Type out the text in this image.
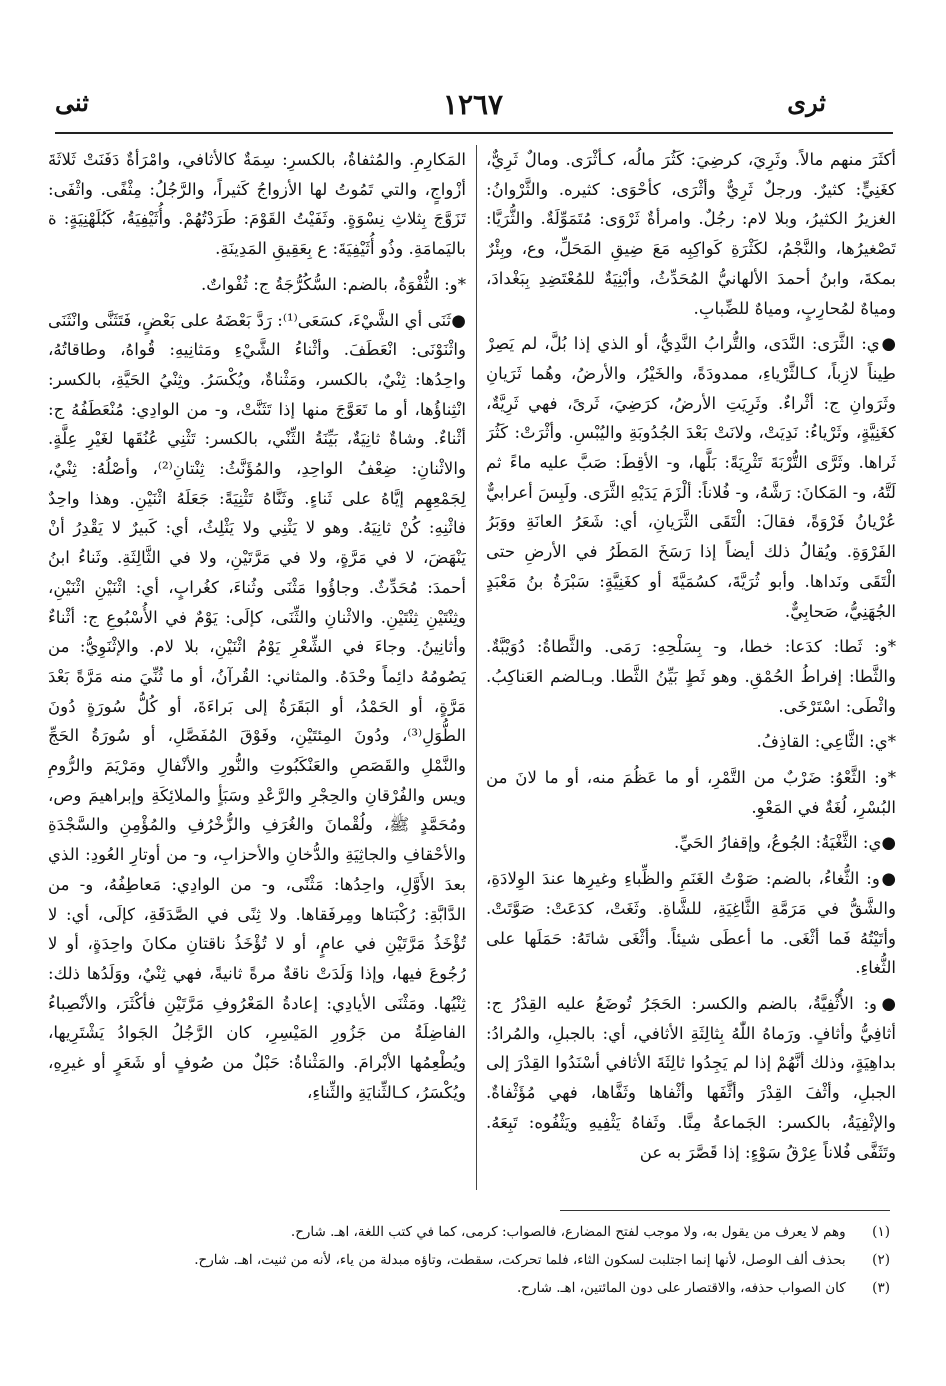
ثرى
١٢٦٧
ثنى

أكثَرَ منهم مالاً. وثَرِيَ، كرضِيَ: كَثُرَ مالُه، كـأثْرَى. ومالٌ ثَرِيٌّ، كغَنِيٍّ: كثيرٌ. ورجلٌ ثَرِيٌّ وأثْرَى، كأحْوَى: كثيره. والثَّرْوانُ: الغزيرُ الكثيرُ، وبلا لام: رجُلٌ. وامرأةٌ ثَرْوَى: مُتَمَوِّلَةٌ. والثُّرَيَّا: تَصْغيرُها، والنَّجْمُ، لكَثْرَةِ كَواكِبِه مَعَ ضِيقِ المَحَلِّ، وع، وبِئْرٌ بمكةَ، وابنُ أحمدَ الألهانيُّ المُحَدِّثُ، وأبْنِيَةٌ للمُعْتَضِدِ بِبَغْدادَ، ومياهٌ لمُحارِبٍ، ومياهٌ للضِّبابِ.

●ي: الثَّرَى: النَّدَى، والتُّرابُ النَّدِيُّ، أو الذي إذا بُلَّ، لم يَصِرْ طِيناً لازِباً، كـالثَّرْياءِ، ممدودَةً، والخَيْرُ، والأرضُ، وهُما ثَرَيانِ وثَرَوانِ ج: أثْراءٌ. وثَرِيَتِ الأرضُ، كرَضِيَ، ثَرىً، فهي ثَرِيَّةٌ، كغَنِيَّةٍ، وثَرْياءُ: نَدِيَتْ، ولانَتْ بَعْدَ الجُدُوبَةِ واليُبْسِ. وأثْرَتْ: كَثُرَ ثَراها. وثَرَّى التُّرْبَةَ تَثْرِيَةً: بَلَّها، و- الأقِطَ: صَبَّ عليه ماءً ثم لَتَّهُ، و- المَكانَ: رَشَّهُ، و- فُلاناً: ألْزَمَ يَدَيْهِ الثَّرَى. ولَبِسَ أعرابيٌّ عُرْيانُ فَرْوَةً، فقالَ: الْتَقَى الثَّرَيانِ، أي: شَعَرُ العانَةِ ووَبَرُ الفَرْوَةِ. ويُقالُ ذلك أيضاً إذا رَسَخَ المَطَرُ في الأرضِ حتى الْتَقَى ونَداها. وأبو ثُرَيَّةَ، كسُمَيَّةَ أو كغَنِيَّةٍ: سَبْرَةُ بنُ مَعْبَدٍ الجُهَنِيُّ، صَحابِيٌّ.

*و: ثَطا: كدَعا: خطا، و- بِسَلْحِهِ: رَمَى. والثَّطاةُ: دُوَيْبَّةٌ. والثَّطا: إفراطُ الحُمْقِ. وهو ثَطٍ بَيِّنُ الثَّطا. وبـالضم العَناكِبُ. واثْطَى: اسْتَرْخَى.

*ي: الثَّاعِي: القاذِفُ.

*و: الثَّعْوُ: ضَرْبٌ من التَّمْرِ، أو ما عَظُمَ منه، أو ما لانَ من البُسْرِ، لُغَةٌ في المَعْوِ.

●ي: الثَّغْيَةُ: الجُوعُ، وإقفارُ الحَيِّ.

●و: الثُّغاءُ، بالضم: صَوْتُ الغَنَمِ والظِّباءِ وغيرِها عندَ الوِلادَةِ، والشَّقُّ في مَرَمَّةِ الثَّاغِيَةِ، للشَّاةِ. وثَغَتْ، كدَعَتْ: صَوَّتَتْ. وأتَيْتُهُ فَما أثْغَى. ما أعطَى شيئاً. وأثْغَى شاتَهُ: حَمَلَها على الثُّغاءِ.

●و: الأُثْفِيَّةُ، بالضم والكسر: الحَجَرُ تُوضَعُ عليه القِدْرُ ج: أثافِيُّ وأثافٍ. ورَماهُ اللّٰهُ بِثالِثَةِ الأثافي، أي: بالجبلِ، والمُرادُ: بداهِيَةٍ، وذلك أنَّهُمْ إذا لم يَجِدُوا ثالِثَةَ الأثافي أسْنَدُوا القِدْرَ إلى الجبلِ، وأثْفَ القِدْرَ وأثَّفَها وأثْفاها وثَفَّاها، فهي مُؤَثْفاةٌ. والإثْفِيَةُ، بالكسر: الجَماعةُ مِنَّا. وثَفاهُ يَثْفِيهِ ويَثْفُوه: تَبِعَهُ. وتَثَفَّى فُلاناً عِرْقُ سَوْءٍ: إذا قَصَّرَ به عن

المَكارِمِ. والمُثفاةُ، بالكسرِ: سِمَةٌ كالأثافي، وامْرَأةٌ دَفَنَتْ ثَلاثَةَ أزْواجٍ، والتي تَمُوتُ لها الأزواجُ كَثيراً، والرَّجُلُ: مِثْفًى. واثْفَى: تَزَوَّجَ بِثلاثِ نِسْوَةٍ. وثَفَيْتُ القَوْمَ: طَرَدْتُهُمْ. وأُثَيْفِيَةُ، كَبُلَهْنِيَةٍ: ة باليَمامَةِ. وذُو أُثَيْفِيَةَ: ع بِعَقِيقِ المَدِينَةِ.

*و: الثُّفْوَةُ، بالضم: السُّكُرُّجَةُ ج: ثُفْواتٌ.

●ثَنَى أي الشَّيْءَ، كسَعَى⁽¹⁾: رَدَّ بَعْضَهُ على بَعْضٍ، فَتَثَنَّى وانْثَنَى واثْنَوْنَى: انْعَطَفَ. وأثْناءُ الشَّيْءِ ومَثانِيهِ: قُواهُ، وطاقاتُهُ، واحِدُها: ثِنْيٌ، بالكسر، ومَثْناةٌ، ويُكْسَرُ. وثِنْيُ الحَيَّةِ، بالكسر: انْثِناؤُها، أو ما تَعَوَّجَ منها إذا تَثَنَّتْ، و- من الوادِي: مُنْعَطَفُهُ ج: أثْناءٌ. وشاةٌ ثانِيَةٌ، بَيِّنَةُ الثِّنْي، بالكسر: تَثْنِي عُنُقَها لغَيْرِ عِلَّةٍ. والاثْنانِ: ضِعْفُ الواحِدِ، والمُؤَنَّثُ: ثِنْتانِ⁽²⁾، وأصْلُهُ: ثِنْيٌ، لِجَمْعِهِم إيَّاهُ على ثَناءٍ. وثَنَّاهُ تَثْنِيَةً: جَعَلَهُ اثْنَيْنِ. وهذا واحِدٌ فاثْنِهِ: كُنْ ثانِيَهُ. وهو لا يَثْنِي ولا يَثْلِثُ، أي: كَبيرٌ لا يَقْدِرُ أنْ يَنْهَضَ، لا في مَرَّةٍ، ولا في مَرَّتَيْنِ، ولا في الثَّالِثَةِ. وثَناءُ ابنُ أحمدَ: مُحَدِّثٌ. وجاؤُوا مَثْنَى وثُناءَ، كغُرابٍ، أي: اثْنَيْنِ اثْنَيْنِ، وثِنْتَيْنِ ثِنْتَيْنِ. والاثْنانِ والثِّنَى، كإلَى: يَوْمٌ في الأُسْبُوعِ ج: أثْناءٌ وأثانِينُ. وجاءَ في الشِّعْرِ يَوْمُ اثْنَيْنِ، بلا لام. والإثْنَوِيُّ: من يَصُومُهُ دائِماً وحْدَهُ. والمثاني: القُرآنُ، أو ما ثُنِّيَ منه مَرَّةً بَعْدَ مَرَّةٍ، أو الحَمْدُ، أو البَقَرَةُ إلى بَراءَةَ، أو كُلُّ سُورَةٍ دُونَ الطُّوَلِ⁽³⁾، ودُونَ المِئتَيْنِ، وفَوْقَ المُفَصَّلِ، أو سُورَةُ الحَجِّ والنَّمْلِ والقَصَصِ والعَنْكَبُوتِ والنُّورِ والأنْفالِ ومَرْيَمَ والرُّومِ ويس والفُرْقانِ والحِجْرِ والرَّعْدِ وسَبَأٍ والملائِكَةِ وإبراهيمَ وص، ومُحَمَّدٍ ﷺ، ولُقْمانَ والغُرَفِ والزُّخْرُفِ والمُؤْمِنِ والسَّجْدَةِ والأحْقافِ والجاثِيَةِ والدُّخانِ والأحزابِ، و- من أوتارِ العُودِ: الذي بعدَ الأَوَّلِ، واحِدُها: مَثْنًى، و- من الوادِي: مَعاطِفُهُ، و- من الدَّابَّةِ: رُكْبَتاها ومِرفَقاها. ولا ثِنًى في الصَّدَقَةِ، كإلَى، أي: لا تُؤْخَذُ مَرَّتَيْنِ في عامٍ، أو لا تُؤْخَذُ ناقتانِ مكانَ واحِدَةٍ، أو لا رُجُوعَ فيها، وإذا وَلَدَتْ ناقةٌ مرةً ثانيةً، فهي ثِنْيٌ، ووَلَدُها ذلك: ثِنْيُها. ومَثْنَى الأيادِي: إعادةُ المَعْرُوفِ مَرَّتَيْنِ فأكْثَرَ، والأنْصِباءُ الفاضِلَةُ من جَزُورِ المَيْسِرِ، كان الرَّجُلُ الجَوادُ يَشْتَرِيها، ويُطْعِمُها الأبْرامَ. والمَثْناةُ: حَبْلٌ من صُوفٍ أو شَعَرٍ أو غيرِهِ، ويُكْسَرُ، كـالثِّنايَةِ والثِّناءِ،

(١) وهم لا يعرف من يقول به، ولا موجب لفتح المضارع، فالصواب: كرمى، كما في كتب اللغة، اهـ. شارح.
(٢) بحذف ألف الوصل، لأنها إنما اجتلبت لسكون الثاء، فلما تحركت، سقطت، وتاؤه مبدلة من ياء، لأنه من ثنيت، اهـ. شارح.
(٣) كان الصواب حذفه، والاقتصار على دون المائتين، اهـ. شارح.
